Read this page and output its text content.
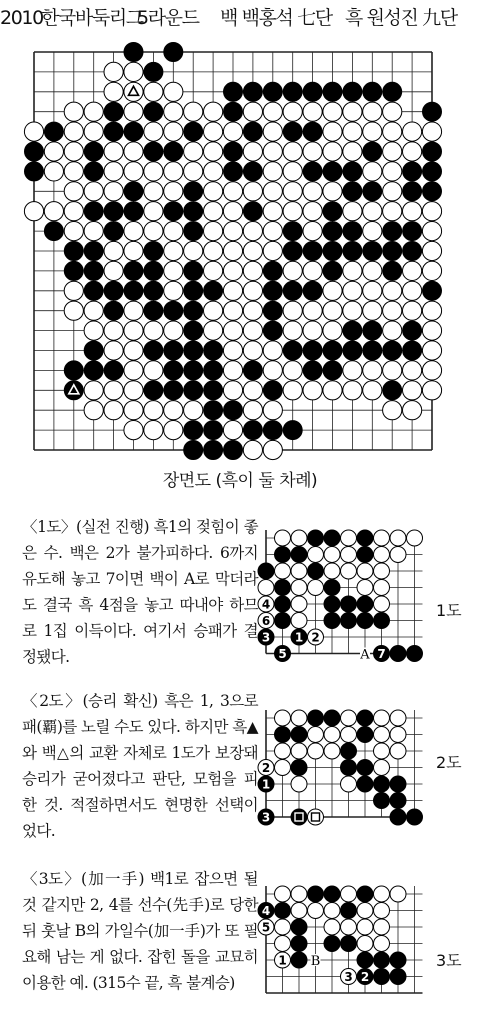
2010
한국바둑리그
5라운드 백 백홍석 七단 흑 원성진 九단
장면도 (흑이 둘 차례)
〈1도〉(실전 진행) 흑1의 젖힘이 좋은 수. 백은 2가 불가피하다. 6까지 유도해 놓고 7이면 백이 A로 막더라도 결국 흑 4점을 놓고 따내야 하므로 1집 이득이다. 여기서 승패가 결정됐다.
4
6
3 1 2
5	A 7
1도
〈2도〉(승리 확신) 흑은 1, 3으로 패(覇)를 노릴 수도 있다. 하지만 흑▲와 백△의 교환 자체로 1도가 보장돼 승리가 굳어졌다고 판단, 모험을 피한 것. 적절하면서도 현명한 선택이었다.
2
1
3
2도
〈3도〉(加一手) 백1로 잡으면 될 것 같지만 2, 4를 선수(先手)로 당한 뒤 훗날 B의 가일수(加一手)가 또 필요해 남는 게 없다. 잡힌 돌을 교묘히 이용한 예. (315수 끝, 흑 불계승)
4
5
1 B
3 2
3도
